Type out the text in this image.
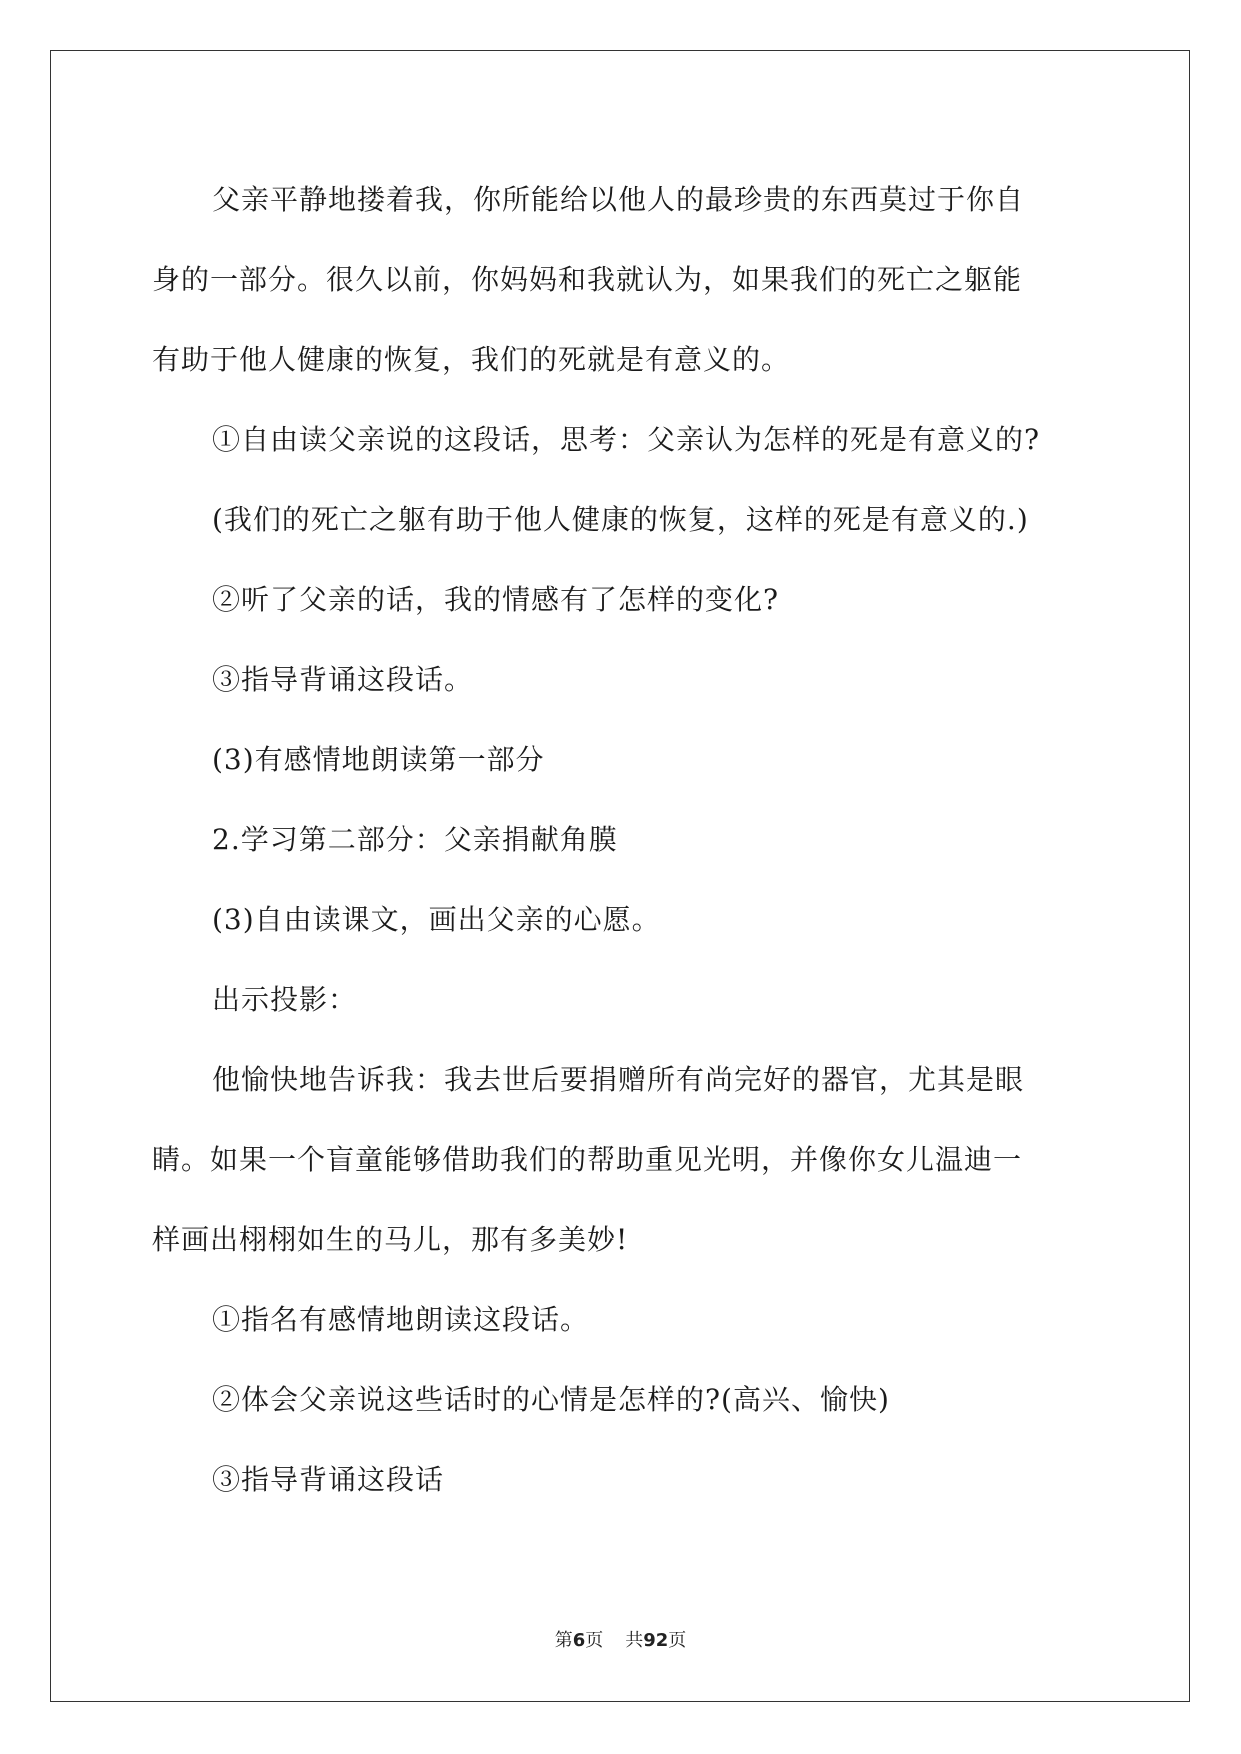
父亲平静地搂着我，你所能给以他人的最珍贵的东西莫过于你自
身的一部分。很久以前，你妈妈和我就认为，如果我们的死亡之躯能
有助于他人健康的恢复，我们的死就是有意义的。
①自由读父亲说的这段话，思考：父亲认为怎样的死是有意义的?
(我们的死亡之躯有助于他人健康的恢复，这样的死是有意义的.)
②听了父亲的话，我的情感有了怎样的变化?
③指导背诵这段话。
(3)有感情地朗读第一部分
2.学习第二部分：父亲捐献角膜
(3)自由读课文，画出父亲的心愿。
出示投影：
他愉快地告诉我：我去世后要捐赠所有尚完好的器官，尤其是眼
睛。如果一个盲童能够借助我们的帮助重见光明，并像你女儿温迪一
样画出栩栩如生的马儿，那有多美妙!
①指名有感情地朗读这段话。
②体会父亲说这些话时的心情是怎样的?(高兴、愉快)
③指导背诵这段话
第6页 共92页
